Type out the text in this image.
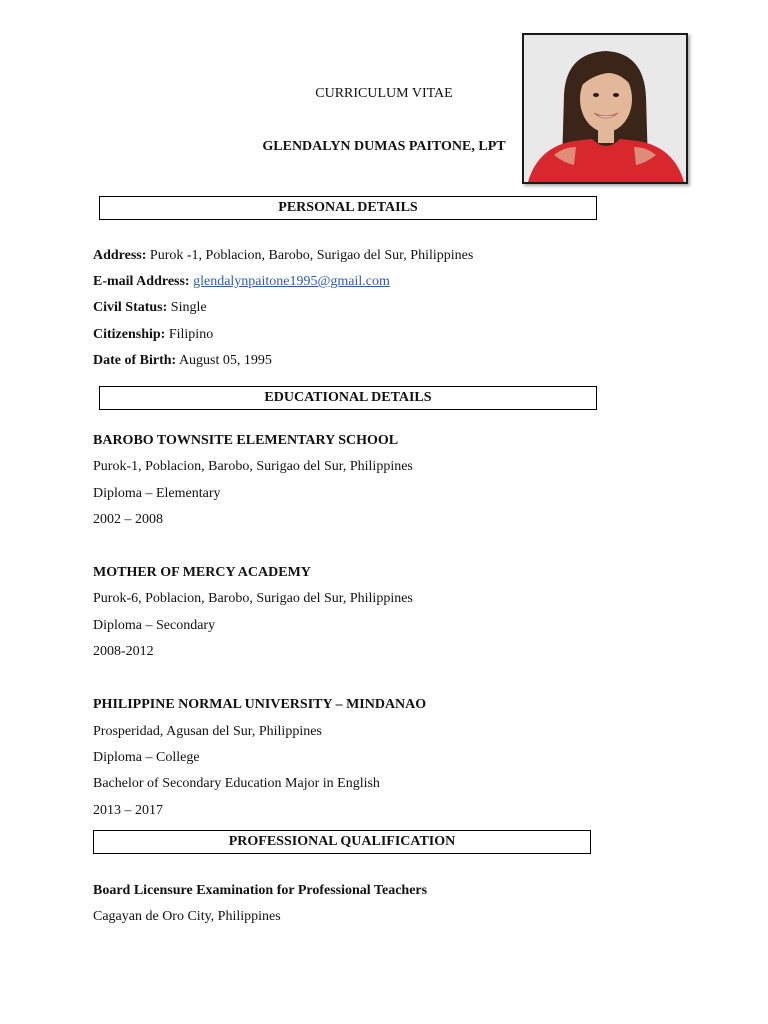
CURRICULUM VITAE
GLENDALYN DUMAS PAITONE, LPT
PERSONAL DETAILS
Address: Purok -1, Poblacion, Barobo, Surigao del Sur, Philippines
E-mail Address: glendalynpaitone1995@gmail.com
Civil Status: Single
Citizenship: Filipino
Date of Birth: August 05, 1995
EDUCATIONAL DETAILS
BAROBO TOWNSITE ELEMENTARY SCHOOL
Purok-1, Poblacion, Barobo, Surigao del Sur, Philippines
Diploma – Elementary
2002 – 2008
MOTHER OF MERCY ACADEMY
Purok-6, Poblacion, Barobo, Surigao del Sur, Philippines
Diploma – Secondary
2008-2012
PHILIPPINE NORMAL UNIVERSITY – MINDANAO
Prosperidad, Agusan del Sur, Philippines
Diploma – College
Bachelor of Secondary Education Major in English
2013 – 2017
PROFESSIONAL QUALIFICATION
Board Licensure Examination for Professional Teachers
Cagayan de Oro City, Philippines
